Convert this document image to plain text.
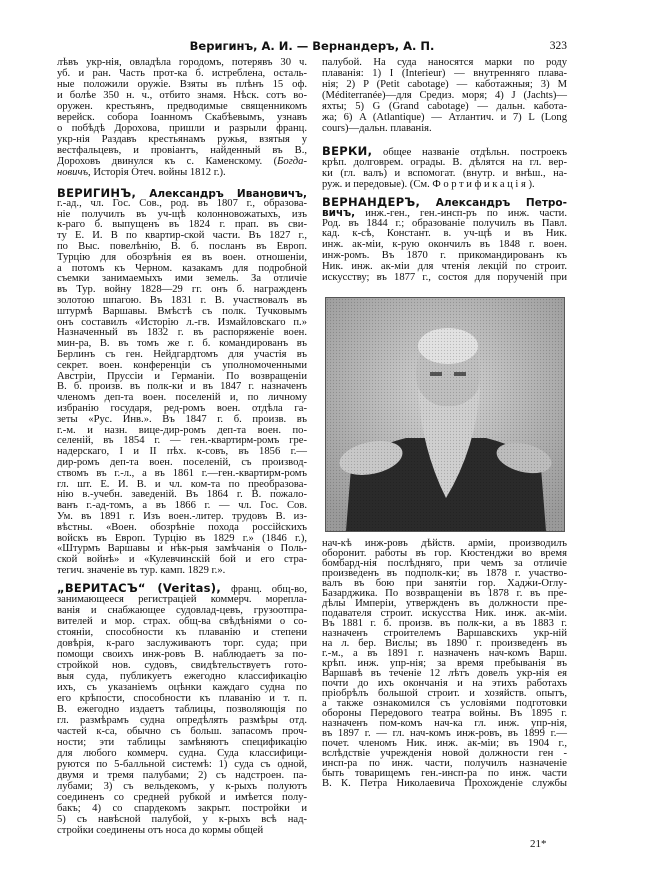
Веригинъ, А. И. — Вернандеръ, А. П.	323
лѣвъ укр-нія, овладѣла городомъ, потерявъ 30 ч.
уб. и ран. Часть прот-ка б. истреблена, осталь-
ные положили оружіе. Взяты въ плѣнъ 15 оф.
и болѣе 350 н. ч., отбито знамя. Нѣск. сотъ во-
оружен. крестьянъ, предводимые священникомъ
верейск. собора Іоанномъ Скабѣевымъ, узнавъ
о побѣдѣ Дорохова, пришли и разрыли франц.
укр-нія Раздавъ крестьянамъ ружья, взятыя у
вестфальцевъ, и провіантъ, найденный въ В.,
Дороховъ двинулся къ с. Каменскому. (Богда-
новичъ, Исторія Отеч. войны 1812 г.).
ВЕРИГИНЪ, Александръ Ивановичъ,
г.-ад., чл. Гос. Сов., род. въ 1807 г., образова-
ніе получилъ въ уч-щѣ колонновожатыхъ, изъ
к-раго б. выпущенъ въ 1824 г. прап. въ сви-
ту Е. И. В по квартир-ской части. Въ 1827 г.,
по Выс. повелѣнію, В. б. посланъ въ Европ.
Турцію для обозрѣнія ея въ воен. отношеніи,
а потомъ къ Черном. казакамъ для подробной
съемки занимаемыхъ ими земель. За отличіе
въ Тур. войну 1828—29 гг. онъ б. награжденъ
золотою шпагою. Въ 1831 г. В. участвовалъ въ
штурмѣ Варшавы. Вмѣстѣ съ полк. Тучковымъ
онъ составилъ «Исторію л.-гв. Измайловскаго п.»
Назначенный въ 1832 г. въ распоряженіе воен.
мин-ра, В. въ томъ же г. б. командированъ въ
Берлинъ съ ген. Нейдгардтомъ для участія въ
секрет. воен. конференціи съ уполномоченными
Австріи, Пруссіи и Германіи. По возвращеніи
В. б. произв. въ полк-ки и въ 1847 г. назначенъ
членомъ деп-та воен. поселеній и, по личному
избранію государя, ред-ромъ воен. отдѣла га-
зеты «Рус. Инв.». Въ 1847 г. б. произв. въ
г.-м. и назн. вице-дир-ромъ деп-та воен. по-
селеній, въ 1854 г. — ген.-квартирм-ромъ гре-
надерскаго, I и II пѣх. к-совъ, въ 1856 г.—
дир-ромъ деп-та воен. поселеній, съ производ-
ствомъ въ г.-л., а въ 1861 г.—ген.-квартирм-ромъ
гл. шт. Е. И. В. и чл. ком-та по преобразова-
нію в.-учебн. заведеній. Въ 1864 г. В. пожало-
ванъ г.-ад-томъ, а въ 1866 г. — чл. Гос. Сов.
Ум. въ 1891 г. Изъ воен.-литер. трудовъ В. из-
вѣстны. «Воен. обозрѣніе похода россійскихъ
войскъ въ Европ. Турцію въ 1829 г.» (1846 г.),
«Штурмъ Варшавы и нѣк-рыя замѣчанія о Поль-
ской войнѣ» и «Кулевчинскій бой и его стра-
тегич. значеніе въ тур. камп. 1829 г.».
„ВЕРИТАСЪ“ (Veritas), франц. общ-во,
занимающееся регистраціей коммерч. морепла-
ванія и снабжающее судовлад-цевъ, грузоотпра-
вителей и мор. страх. общ-ва свѣдѣніями о со-
стояніи, способности къ плаванію и степени
довѣрія, к-раго заслуживаютъ торг. суда; при
помощи своихъ инж-ровъ В. наблюдаетъ за по-
стройкой нов. судовъ, свидѣтельствуетъ гото-
выя суда, публикуетъ ежегодно классификацію
ихъ, съ указаніемъ оцѣнки каждаго судна по
его крѣпости, способности къ плаванію и т. п.
В. ежегодно издаетъ таблицы, позволяющія по
гл. размѣрамъ судна опредѣлять размѣры отд.
частей к-са, обычно съ больш. запасомъ проч-
ности; эти таблицы замѣняютъ спецификацію
для любого коммерч. судна. Суда классифици-
руются по 5-балльной системѣ: 1) суда съ одной,
двумя и тремя палубами; 2) съ надстроен. па-
лубами; 3) съ вельдекомъ, у к-рыхъ полуютъ
соединенъ со средней рубкой и имѣется полу-
бакъ; 4) со спардекомъ закрыт. постройки и
5) съ навѣсной палубой, у к-рыхъ всѣ над-
стройки соединены отъ носа до кормы общей
палубой. На суда наносятся марки по роду
плаванія: 1) I (Interieur) — внутренняго плава-
нія; 2) P (Petit cabotage) — каботажныя; 3) M
(Méditerranée)—для Средиз. моря; 4) J (Jachts)—
яхты; 5) G (Grand cabotage) — дальн. кабота-
жа; 6) A (Atlantique) — Атлантич. и 7) L (Long
cours)—дальн. плаванія.
ВЕРКИ, общее названіе отдѣльн. построекъ
крѣп. долговрем. ограды. В. дѣлятся на гл. вер-
ки (гл. валъ) и вспомогат. (внутр. и внѣш., на-
руж. и передовые). (См. Фортификація).
ВЕРНАНДЕРЪ, Александръ Петро-
вичъ, инж.-ген., ген.-инсп-ръ по инж. части.
Род. въ 1844 г.; образованіе получилъ въ Павл.
кад. к-сѣ, Констант. в. уч-щѣ и въ Ник.
инж. ак-міи, к-рую окончилъ въ 1848 г. воен.
инж-ромъ. Въ 1870 г. прикомандированъ къ
Ник. инж. ак-міи для чтенія лекцій по строит.
искусству; въ 1877 г., состоя для порученій при
нач-кѣ инж-ровъ дѣйств. арміи, производилъ
оборонит. работы въ гор. Кюстенджи во время
бомбард-нія послѣдняго, при чемъ за отличіе
произведенъ въ подполк-ки; въ 1878 г. участво-
валъ въ бою при занятіи гор. Хаджи-Оглу-
Базарджика. По возвращеніи въ 1878 г. въ пре-
дѣлы Имперіи, утвержденъ въ должности пре-
подавателя строит. искусства Ник. инж. ак-міи.
Въ 1881 г. б. произв. въ полк-ки, а въ 1883 г.
назначенъ строителемъ Варшавскихъ укр-ній
на л. бер. Вислы; въ 1890 г. произведенъ въ
г.-м., а въ 1891 г. назначенъ нач-комъ Варш.
крѣп. инж. упр-нія; за время пребыванія въ
Варшавѣ въ теченіе 12 лѣтъ довелъ укр-нія ея
почти до ихъ окончанія и на этихъ работахъ
пріобрѣлъ большой строит. и хозяйств. опытъ,
а также ознакомился съ условіями подготовки
обороны Передового театра войны. Въ 1895 г.
назначенъ пом-комъ нач-ка гл. инж. упр-нія,
въ 1897 г. — гл. нач-комъ инж-ровъ, въ 1899 г.—
почет. членомъ Ник. инж. ак-міи; въ 1904 г.,
вслѣдствіе учрежденія новой должности ген -
инсп-ра по инж. части, получилъ назначеніе
быть товарищемъ ген.-инсп-ра по инж. части
В. К. Петра Николаевича Прохожденіе службы
21*
